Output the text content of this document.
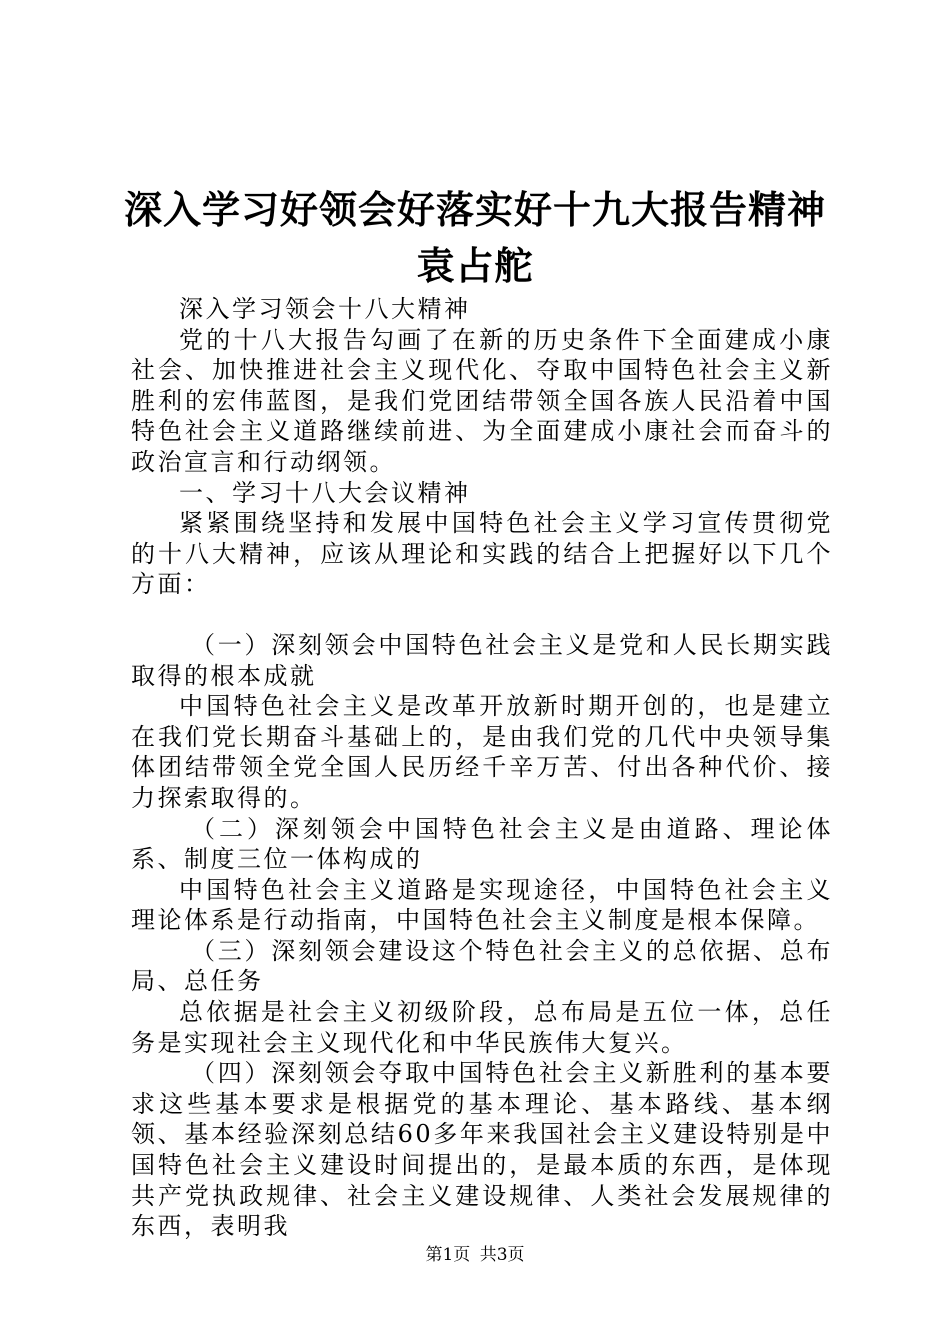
深入学习好领会好落实好十九大报告精神袁占舵

深入学习领会十八大精神

党的十八大报告勾画了在新的历史条件下全面建成小康社会、加快推进社会主义现代化、夺取中国特色社会主义新胜利的宏伟蓝图，是我们党团结带领全国各族人民沿着中国特色社会主义道路继续前进、为全面建成小康社会而奋斗的政治宣言和行动纲领。

一、学习十八大会议精神

紧紧围绕坚持和发展中国特色社会主义学习宣传贯彻党的十八大精神，应该从理论和实践的结合上把握好以下几个方面：

（一）深刻领会中国特色社会主义是党和人民长期实践取得的根本成就

中国特色社会主义是改革开放新时期开创的，也是建立在我们党长期奋斗基础上的，是由我们党的几代中央领导集体团结带领全党全国人民历经千辛万苦、付出各种代价、接力探索取得的。

（二）深刻领会中国特色社会主义是由道路、理论体系、制度三位一体构成的

中国特色社会主义道路是实现途径，中国特色社会主义理论体系是行动指南，中国特色社会主义制度是根本保障。

（三）深刻领会建设这个特色社会主义的总依据、总布局、总任务

总依据是社会主义初级阶段，总布局是五位一体，总任务是实现社会主义现代化和中华民族伟大复兴。

（四）深刻领会夺取中国特色社会主义新胜利的基本要求这些基本要求是根据党的基本理论、基本路线、基本纲领、基本经验深刻总结60多年来我国社会主义建设特别是中国特色社会主义建设时间提出的，是最本质的东西，是体现共产党执政规律、社会主义建设规律、人类社会发展规律的东西，表明我

第1页 共3页
